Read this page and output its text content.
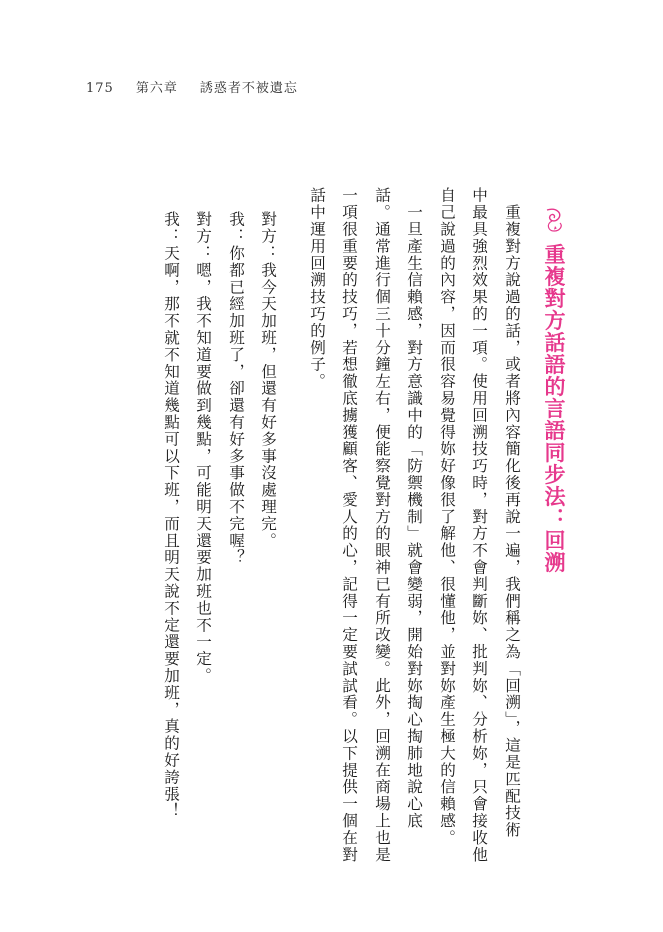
175 第六章 誘惑者不被遺忘
重複對方話語的言語同步法：回溯
　重複對方說過的話，或者將內容簡化後再說一遍，我們稱之為「回溯」，這是匹配技術
中最具強烈效果的一項。使用回溯技巧時，對方不會判斷妳、批判妳、分析妳，只會接收他
自己說過的內容，因而很容易覺得妳好像很了解他、很懂他，並對妳產生極大的信賴感。
　一旦產生信賴感，對方意識中的「防禦機制」就會變弱，開始對妳掏心掏肺地說心底
話。通常進行個三十分鐘左右，便能察覺對方的眼神已有所改變。此外，回溯在商場上也是
一項很重要的技巧，若想徹底擄獲顧客、愛人的心，記得一定要試試看。以下提供一個在對
話中運用回溯技巧的例子。
對方：我今天加班，但還有好多事沒處理完。
我：你都已經加班了，卻還有好多事做不完喔？
對方：嗯，我不知道要做到幾點，可能明天還要加班也不一定。
我：天啊，那不就不知道幾點可以下班，而且明天說不定還要加班，真的好誇張！
